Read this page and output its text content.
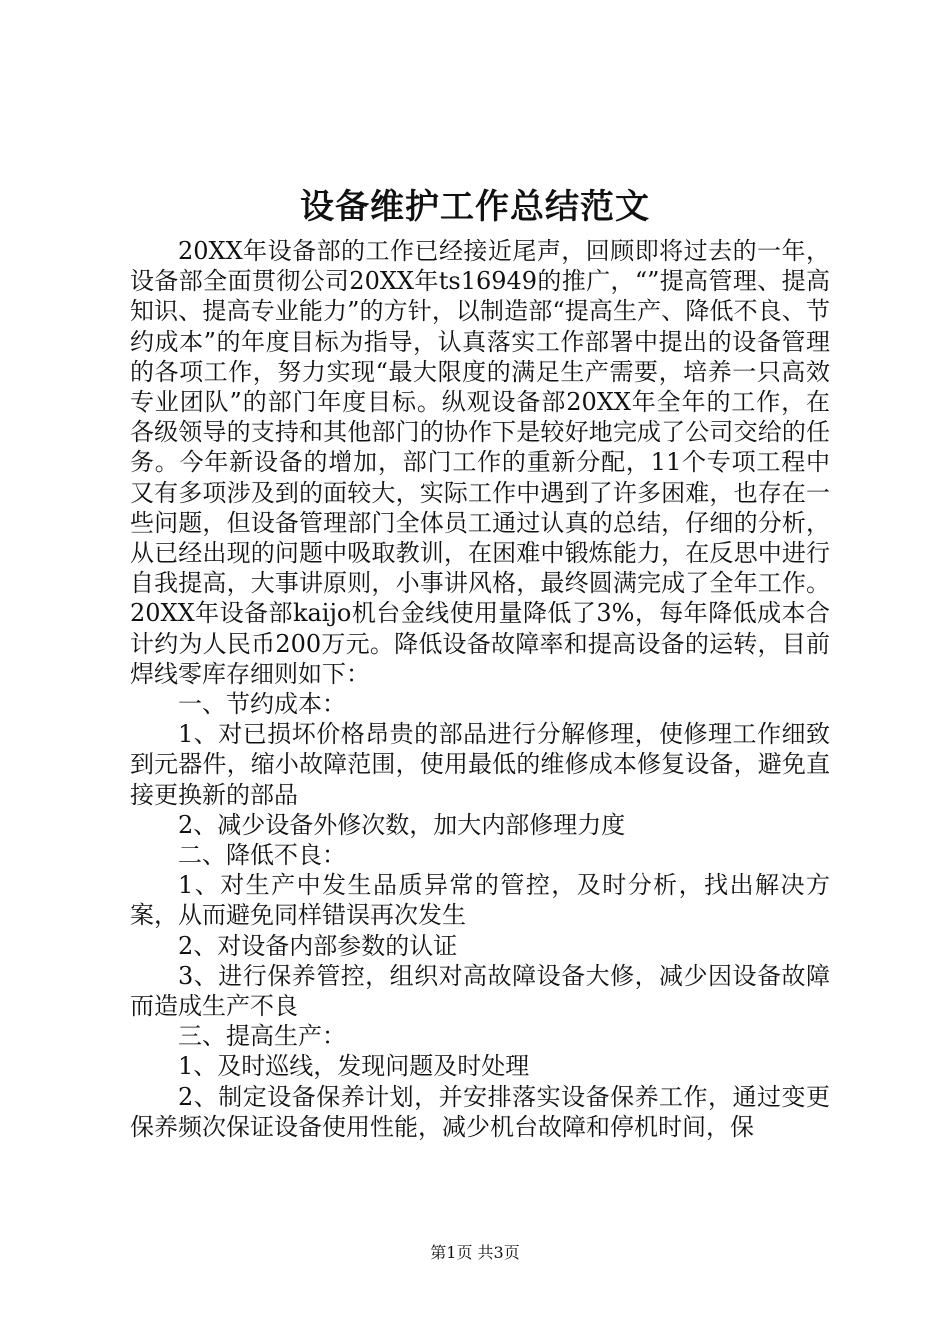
设备维护工作总结范文

20XX年设备部的工作已经接近尾声，回顾即将过去的一年，设备部全面贯彻公司20XX年ts16949的推广，“”提高管理、提高知识、提高专业能力”的方针，以制造部“提高生产、降低不良、节约成本”的年度目标为指导，认真落实工作部署中提出的设备管理的各项工作，努力实现“最大限度的满足生产需要，培养一只高效专业团队”的部门年度目标。纵观设备部20XX年全年的工作，在各级领导的支持和其他部门的协作下是较好地完成了公司交给的任务。今年新设备的增加，部门工作的重新分配，11个专项工程中又有多项涉及到的面较大，实际工作中遇到了许多困难，也存在一些问题，但设备管理部门全体员工通过认真的总结，仔细的分析，从已经出现的问题中吸取教训，在困难中锻炼能力，在反思中进行自我提高，大事讲原则，小事讲风格，最终圆满完成了全年工作。20XX年设备部kaijo机台金线使用量降低了3%，每年降低成本合计约为人民币200万元。降低设备故障率和提高设备的运转，目前焊线零库存细则如下：

一、节约成本：

1、对已损坏价格昂贵的部品进行分解修理，使修理工作细致到元器件，缩小故障范围，使用最低的维修成本修复设备，避免直接更换新的部品

2、减少设备外修次数，加大内部修理力度

二、降低不良：

1、对生产中发生品质异常的管控，及时分析，找出解决方案，从而避免同样错误再次发生

2、对设备内部参数的认证

3、进行保养管控，组织对高故障设备大修，减少因设备故障而造成生产不良

三、提高生产：

1、及时巡线，发现问题及时处理

2、制定设备保养计划，并安排落实设备保养工作，通过变更保养频次保证设备使用性能，减少机台故障和停机时间，保

第1页 共3页
